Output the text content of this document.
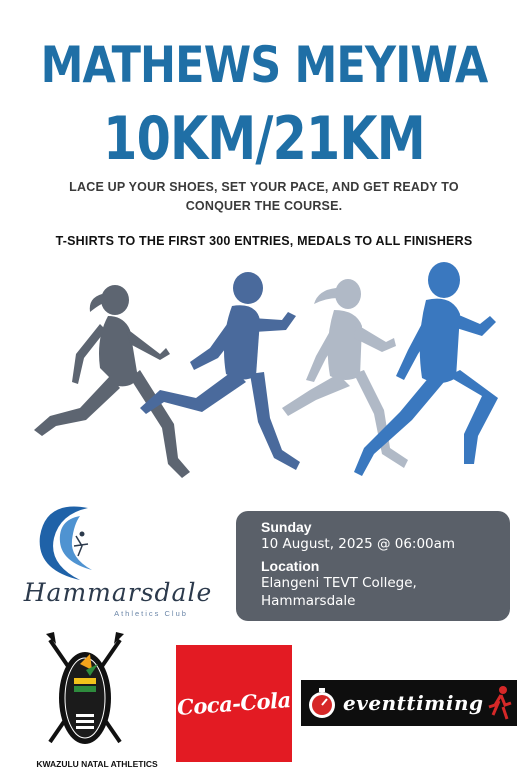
MATHEWS MEYIWA
10KM/21KM
LACE UP YOUR SHOES, SET YOUR PACE, AND GET READY TO CONQUER THE COURSE.
T-SHIRTS TO THE FIRST 300 ENTRIES, MEDALS TO ALL FINISHERS
Hammarsdale
Athletics Club
Sunday
10 August, 2025 @ 06:00am
Location
Elangeni TEVT College,
Hammarsdale
KWAZULU NATAL ATHLETICS
Coca-Cola	eventtiming
